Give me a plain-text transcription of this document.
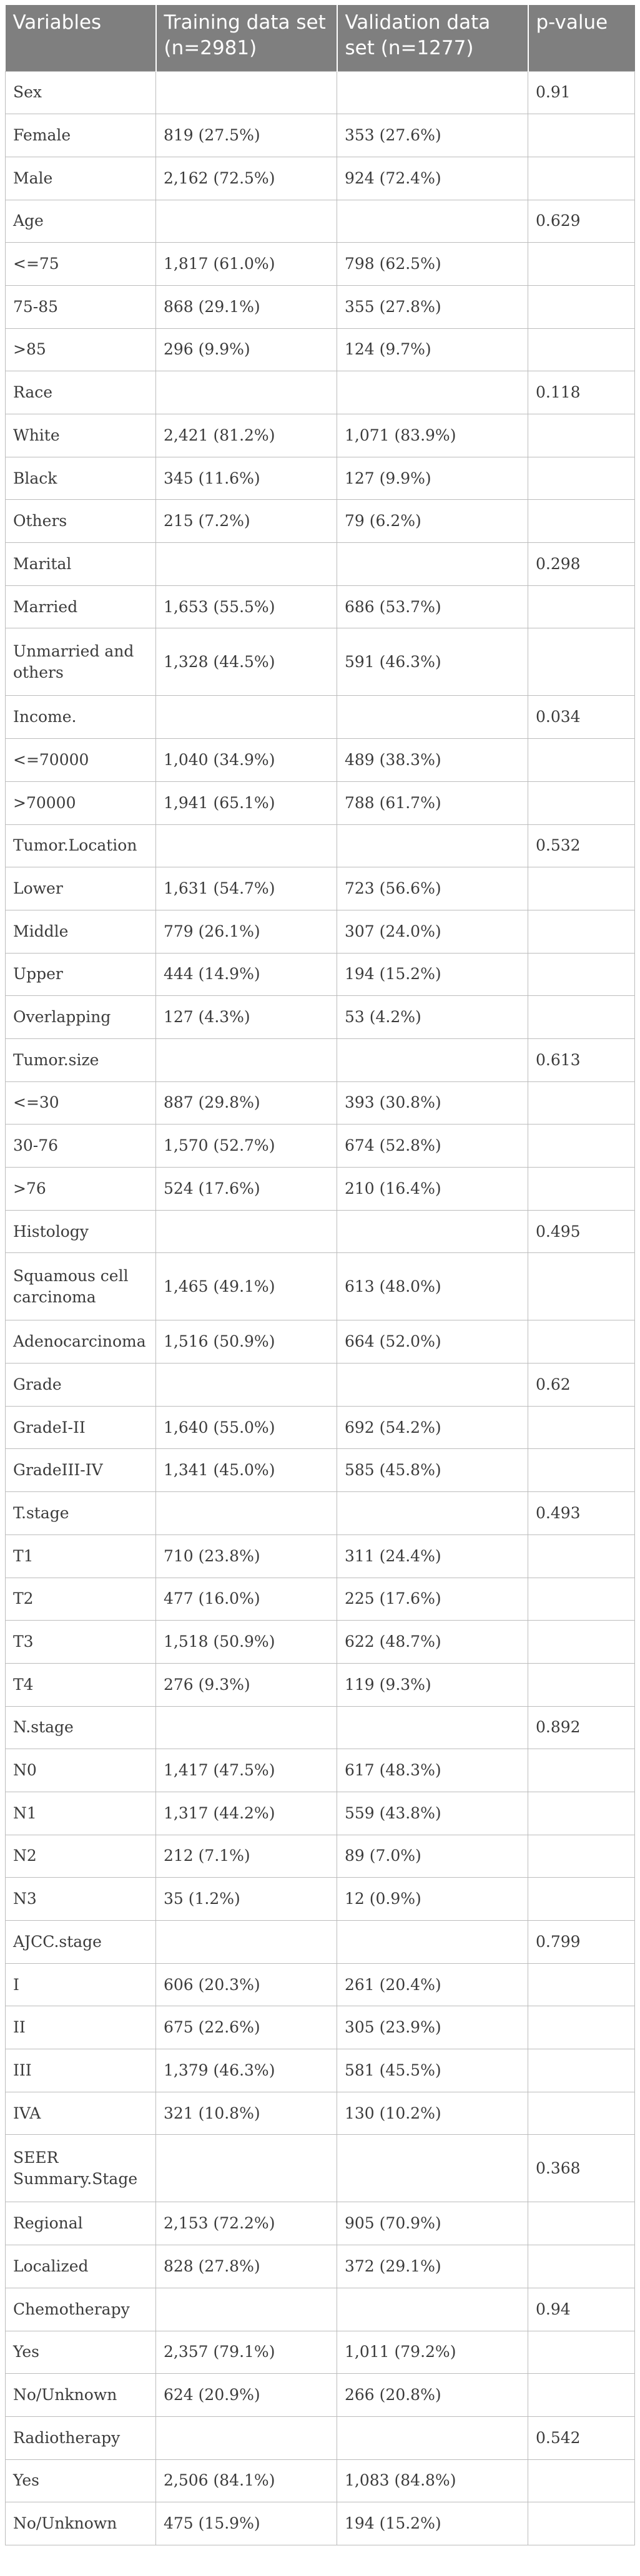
Variables	Training data set (n=2981)	Validation data set (n=1277)	p-value
Sex			0.91
Female	819 (27.5%)	353 (27.6%)	
Male	2,162 (72.5%)	924 (72.4%)	
Age			0.629
<=75	1,817 (61.0%)	798 (62.5%)	
75-85	868 (29.1%)	355 (27.8%)	
>85	296 (9.9%)	124 (9.7%)	
Race			0.118
White	2,421 (81.2%)	1,071 (83.9%)	
Black	345 (11.6%)	127 (9.9%)	
Others	215 (7.2%)	79 (6.2%)	
Marital			0.298
Married	1,653 (55.5%)	686 (53.7%)	
Unmarried and others	1,328 (44.5%)	591 (46.3%)	
Income.			0.034
<=70000	1,040 (34.9%)	489 (38.3%)	
>70000	1,941 (65.1%)	788 (61.7%)	
Tumor.Location			0.532
Lower	1,631 (54.7%)	723 (56.6%)	
Middle	779 (26.1%)	307 (24.0%)	
Upper	444 (14.9%)	194 (15.2%)	
Overlapping	127 (4.3%)	53 (4.2%)	
Tumor.size			0.613
<=30	887 (29.8%)	393 (30.8%)	
30-76	1,570 (52.7%)	674 (52.8%)	
>76	524 (17.6%)	210 (16.4%)	
Histology			0.495
Squamous cell carcinoma	1,465 (49.1%)	613 (48.0%)	
Adenocarcinoma	1,516 (50.9%)	664 (52.0%)	
Grade			0.62
GradeI-II	1,640 (55.0%)	692 (54.2%)	
GradeIII-IV	1,341 (45.0%)	585 (45.8%)	
T.stage			0.493
T1	710 (23.8%)	311 (24.4%)	
T2	477 (16.0%)	225 (17.6%)	
T3	1,518 (50.9%)	622 (48.7%)	
T4	276 (9.3%)	119 (9.3%)	
N.stage			0.892
N0	1,417 (47.5%)	617 (48.3%)	
N1	1,317 (44.2%)	559 (43.8%)	
N2	212 (7.1%)	89 (7.0%)	
N3	35 (1.2%)	12 (0.9%)	
AJCC.stage			0.799
I	606 (20.3%)	261 (20.4%)	
II	675 (22.6%)	305 (23.9%)	
III	1,379 (46.3%)	581 (45.5%)	
IVA	321 (10.8%)	130 (10.2%)	
SEER Summary.Stage			0.368
Regional	2,153 (72.2%)	905 (70.9%)	
Localized	828 (27.8%)	372 (29.1%)	
Chemotherapy			0.94
Yes	2,357 (79.1%)	1,011 (79.2%)	
No/Unknown	624 (20.9%)	266 (20.8%)	
Radiotherapy			0.542
Yes	2,506 (84.1%)	1,083 (84.8%)	
No/Unknown	475 (15.9%)	194 (15.2%)	
